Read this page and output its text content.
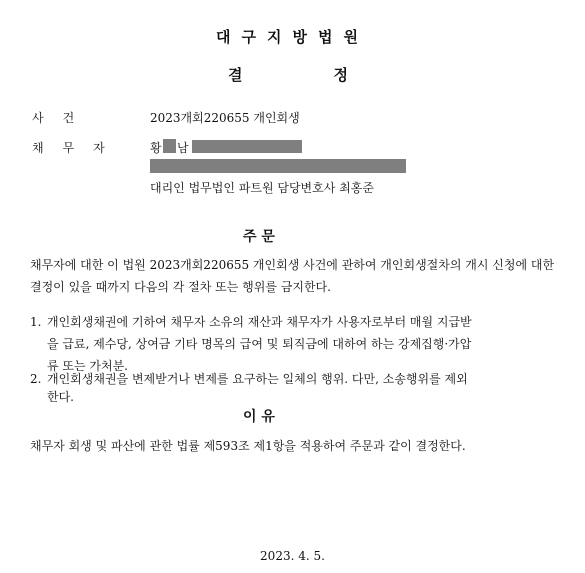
대구지방법원
결	정
사건	2023개회220655 개인회생
채무자 황 남
대리인 법무법인 파트원 담당변호사 최홍준
주 문
채무자에 대한 이 법원 2023개회220655 개인회생 사건에 관하여 개인회생절차의 개시 신청에 대한 결정이 있을 때까지 다음의 각 절차 또는 행위를 금지한다.
1. 개인회생채권에 기하여 채무자 소유의 재산과 채무자가 사용자로부터 매월 지급받
을 급료, 제수당, 상여금 기타 명목의 급여 및 퇴직금에 대하여 하는 강제집행·가압
류 또는 가처분.
2. 개인회생채권을 변제받거나 변제를 요구하는 일체의 행위. 다만, 소송행위를 제외
한다.
이 유
채무자 회생 및 파산에 관한 법률 제593조 제1항을 적용하여 주문과 같이 결정한다.
2023. 4. 5.
